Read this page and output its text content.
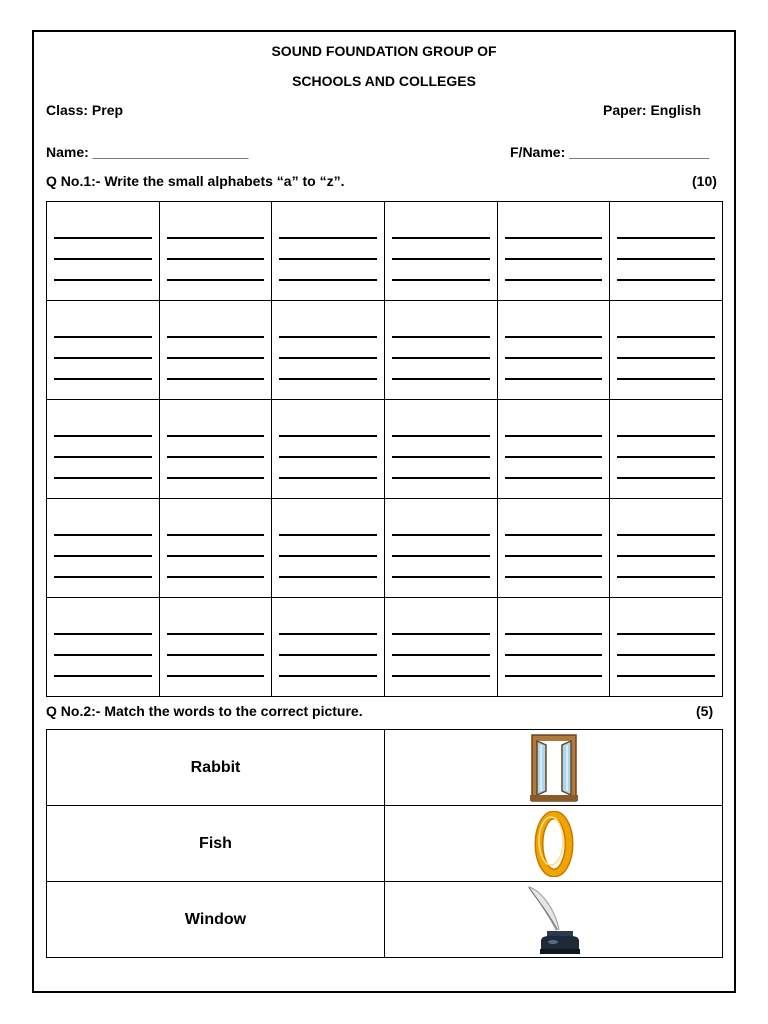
SOUND FOUNDATION GROUP OF
SCHOOLS AND COLLEGES
Class: Prep	Paper: English
Name: ____________________	F/Name: __________________
Q No.1:- Write the small alphabets “a” to “z”.	(10)

Q No.2:- Match the words to the correct picture.	(5)
Rabbit	
Fish	
Window	
